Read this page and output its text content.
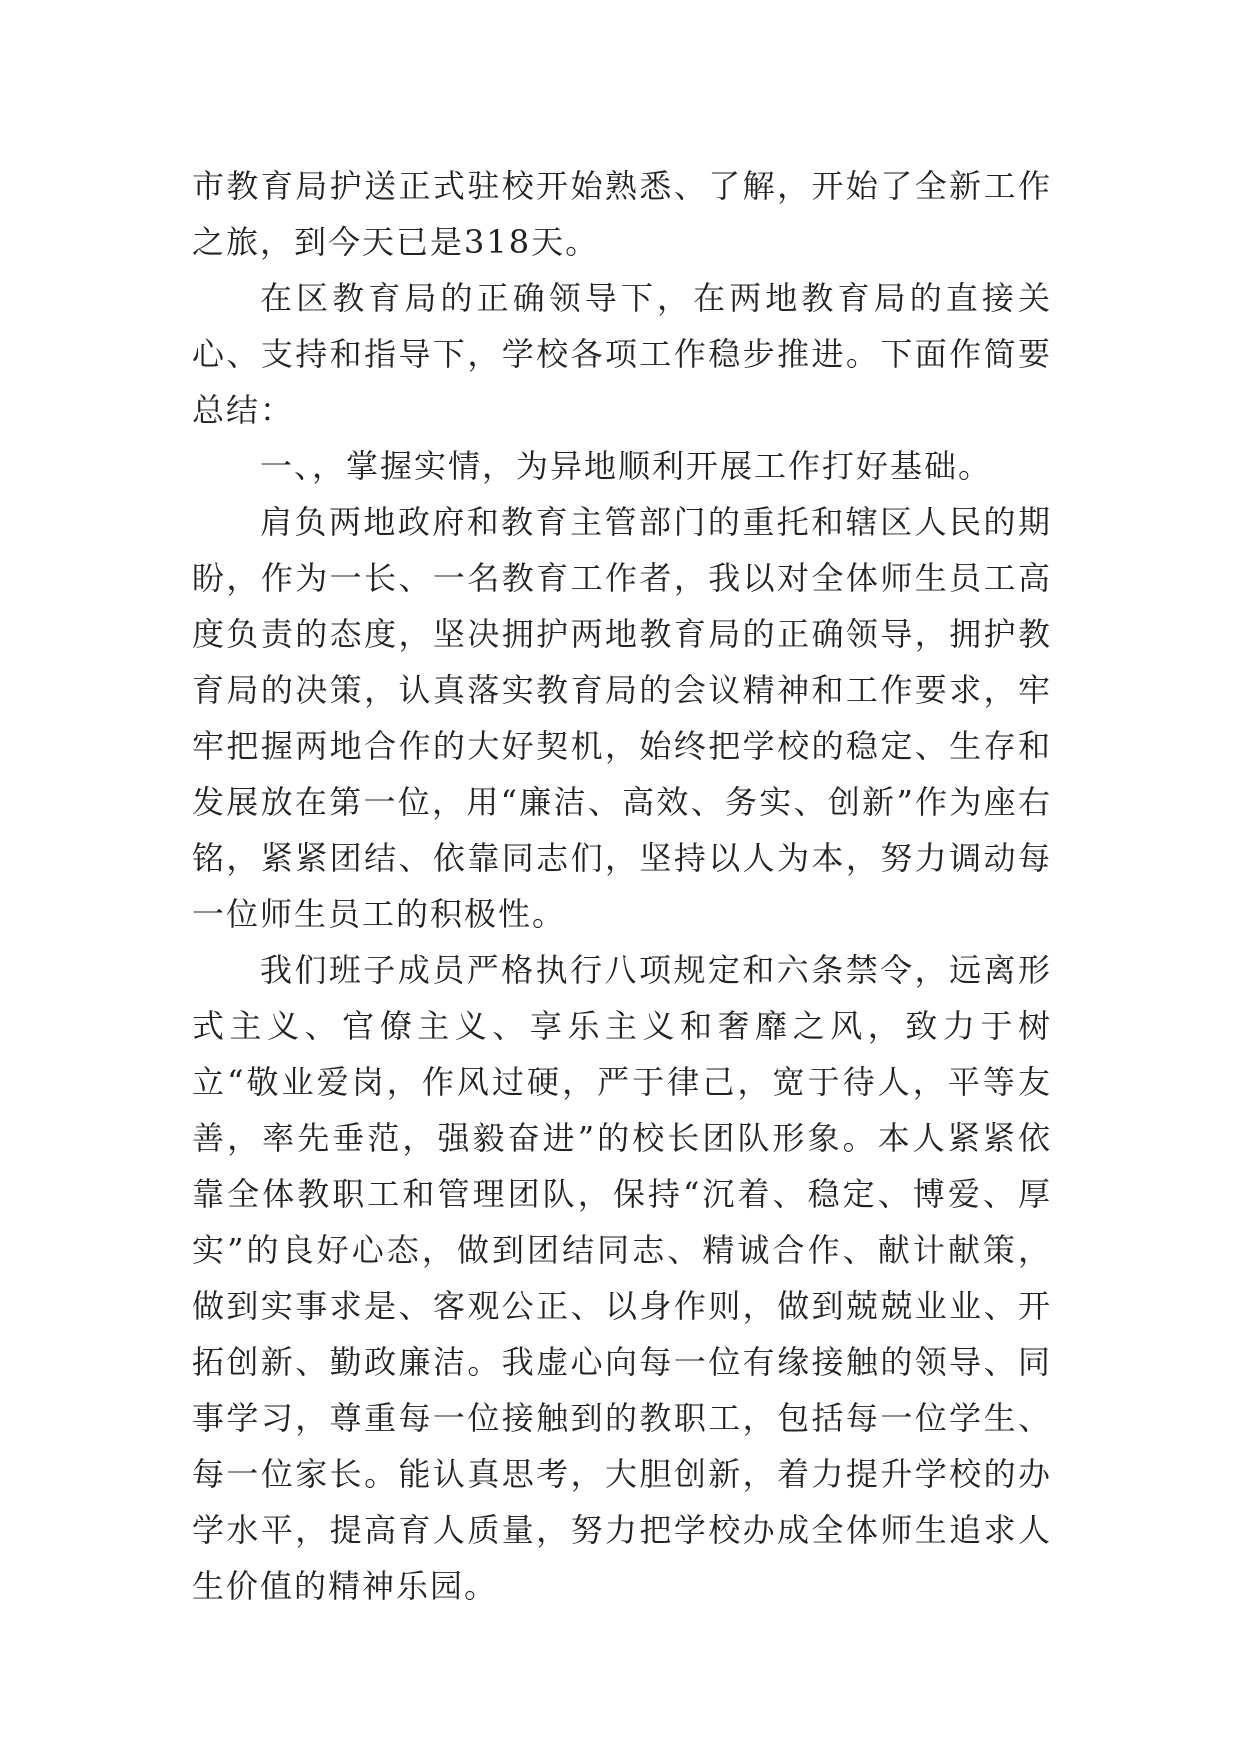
市教育局护送正式驻校开始熟悉、了解，开始了全新工作之旅，到今天已是318天。

在区教育局的正确领导下，在两地教育局的直接关心、支持和指导下，学校各项工作稳步推进。下面作简要总结：

一、，掌握实情，为异地顺利开展工作打好基础。

肩负两地政府和教育主管部门的重托和辖区人民的期盼，作为一长、一名教育工作者，我以对全体师生员工高度负责的态度，坚决拥护两地教育局的正确领导，拥护教育局的决策，认真落实教育局的会议精神和工作要求，牢牢把握两地合作的大好契机，始终把学校的稳定、生存和发展放在第一位，用“廉洁、高效、务实、创新”作为座右铭，紧紧团结、依靠同志们，坚持以人为本，努力调动每一位师生员工的积极性。

我们班子成员严格执行八项规定和六条禁令，远离形式主义、官僚主义、享乐主义和奢靡之风，致力于树立“敬业爱岗，作风过硬，严于律己，宽于待人，平等友善，率先垂范，强毅奋进”的校长团队形象。本人紧紧依靠全体教职工和管理团队，保持“沉着、稳定、博爱、厚实”的良好心态，做到团结同志、精诚合作、献计献策，做到实事求是、客观公正、以身作则，做到兢兢业业、开拓创新、勤政廉洁。我虚心向每一位有缘接触的领导、同事学习，尊重每一位接触到的教职工，包括每一位学生、每一位家长。能认真思考，大胆创新，着力提升学校的办学水平，提高育人质量，努力把学校办成全体师生追求人生价值的精神乐园。
